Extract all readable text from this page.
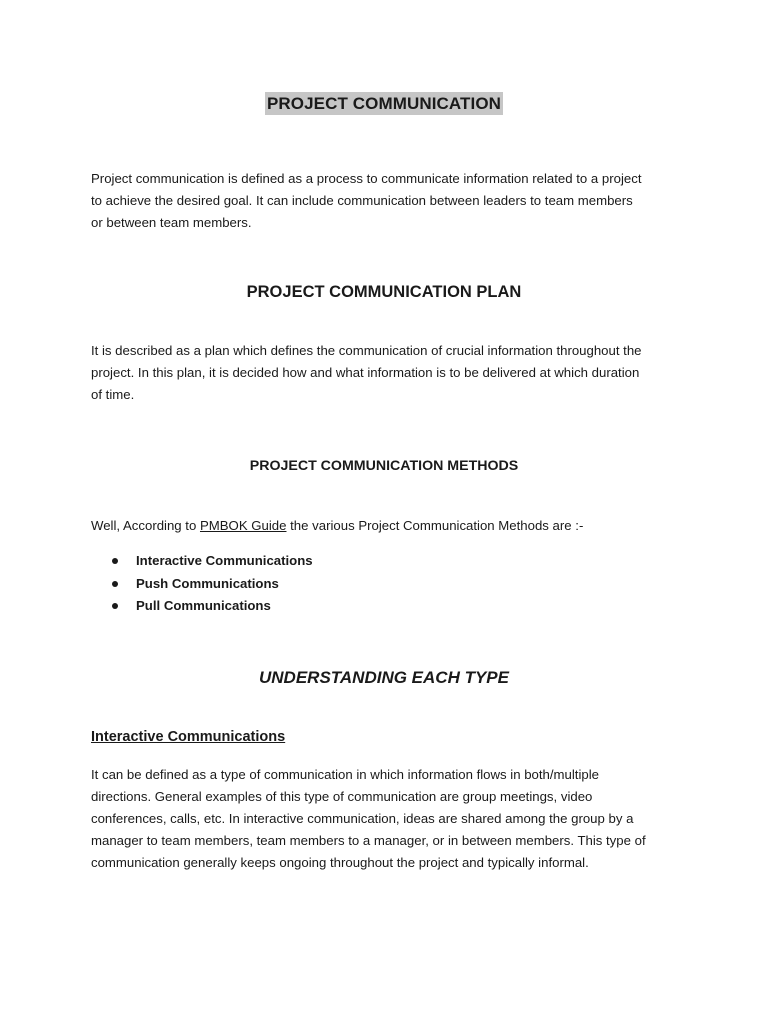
PROJECT COMMUNICATION
Project communication is defined as a process to communicate information related to a project
to achieve the desired goal. It can include communication between leaders to team members
or between team members.
PROJECT COMMUNICATION PLAN
It is described as a plan which defines the communication of crucial information throughout the
project. In this plan, it is decided how and what information is to be delivered at which duration
of time.
PROJECT COMMUNICATION METHODS
Well, According to PMBOK Guide the various Project Communication Methods are :-
Interactive Communications
Push Communications
Pull Communications
UNDERSTANDING EACH TYPE
Interactive Communications
It can be defined as a type of communication in which information flows in both/multiple
directions. General examples of this type of communication are group meetings, video
conferences, calls, etc. In interactive communication, ideas are shared among the group by a
manager to team members, team members to a manager, or in between members. This type of
communication generally keeps ongoing throughout the project and typically informal.
